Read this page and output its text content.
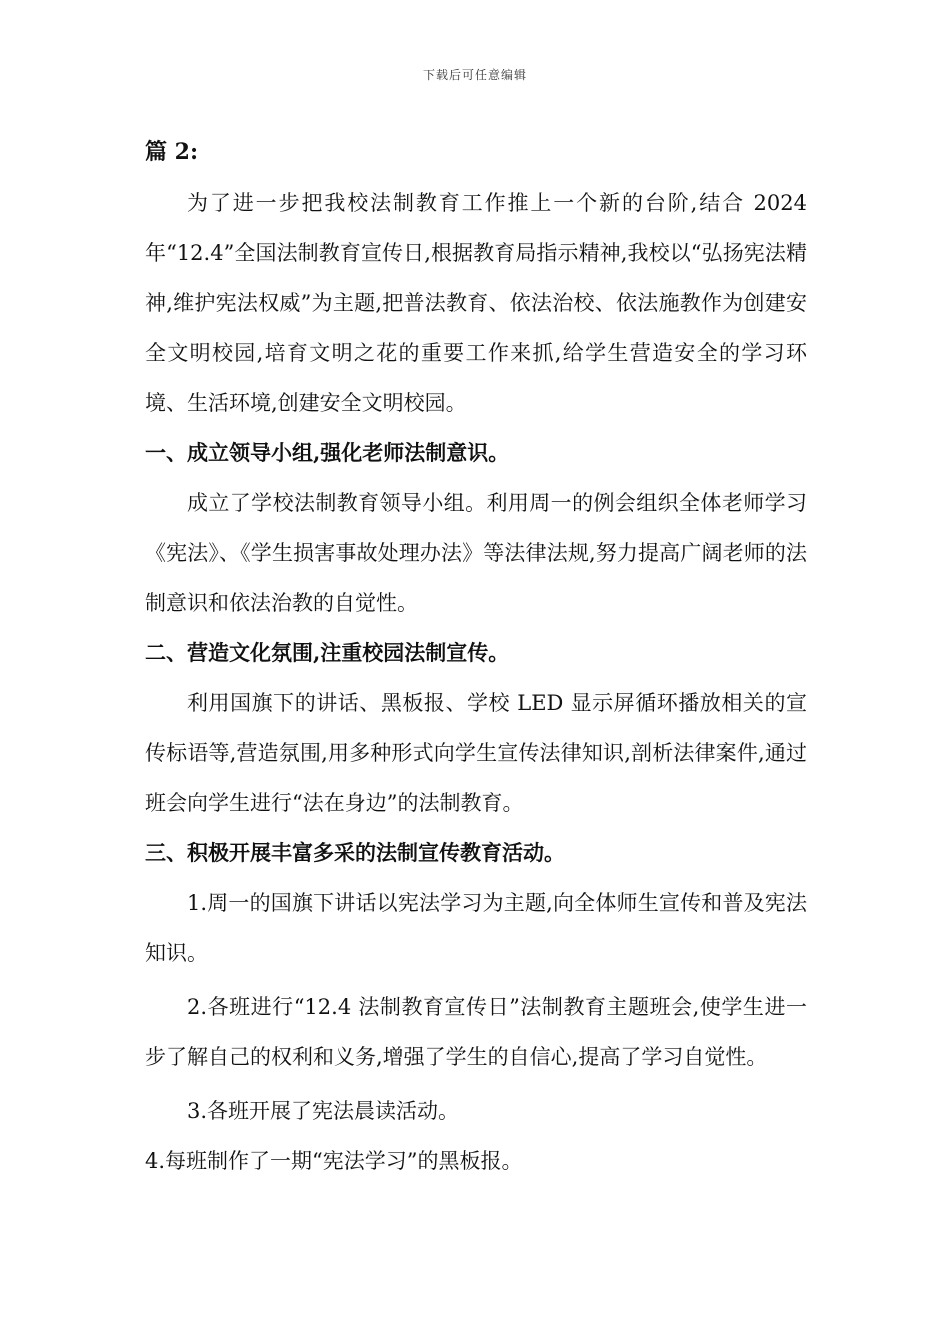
下载后可任意编辑
篇 2:

为了进一步把我校法制教育工作推上一个新的台阶,结合 2024 年“12.4”全国法制教育宣传日,根据教育局指示精神,我校以“弘扬宪法精神,维护宪法权威”为主题,把普法教育、依法治校、依法施教作为创建安全文明校园,培育文明之花的重要工作来抓,给学生营造安全的学习环境、生活环境,创建安全文明校园。

一、成立领导小组,强化老师法制意识。

成立了学校法制教育领导小组。利用周一的例会组织全体老师学习《宪法》、《学生损害事故处理办法》等法律法规,努力提高广阔老师的法制意识和依法治教的自觉性。

二、营造文化氛围,注重校园法制宣传。

利用国旗下的讲话、黑板报、学校 LED 显示屏循环播放相关的宣传标语等,营造氛围,用多种形式向学生宣传法律知识,剖析法律案件,通过班会向学生进行“法在身边”的法制教育。

三、积极开展丰富多采的法制宣传教育活动。

1.周一的国旗下讲话以宪法学习为主题,向全体师生宣传和普及宪法知识。

2.各班进行“12.4 法制教育宣传日”法制教育主题班会,使学生进一步了解自己的权利和义务,增强了学生的自信心,提高了学习自觉性。

3.各班开展了宪法晨读活动。

4.每班制作了一期“宪法学习”的黑板报。
